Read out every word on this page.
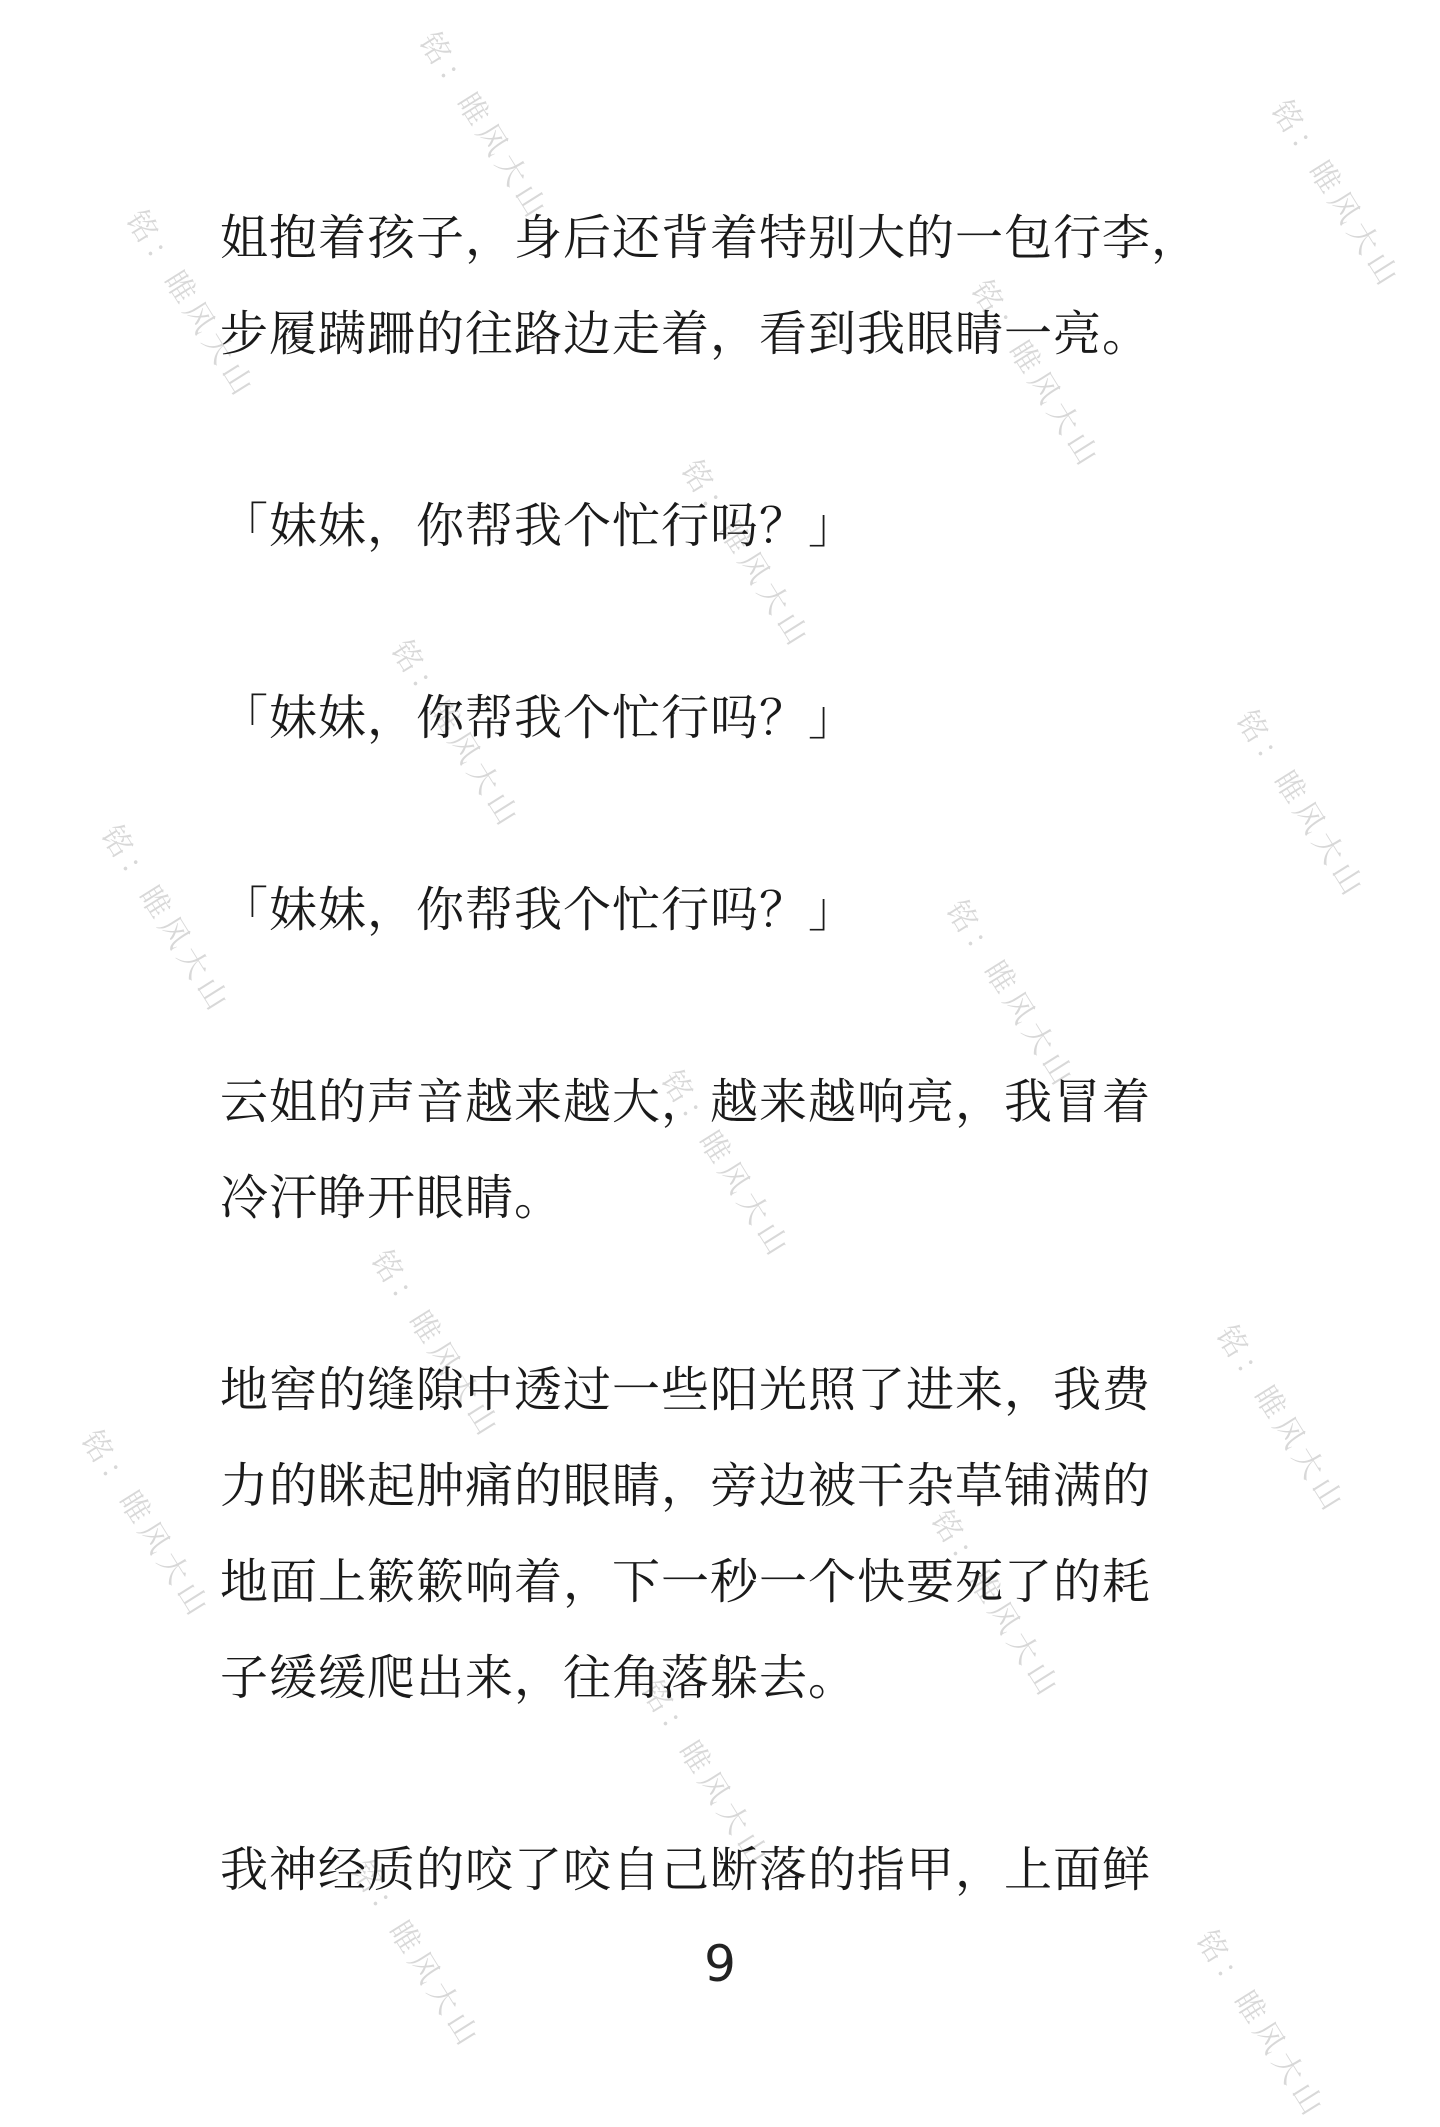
铭：睢风大山	铭：睢风大山
铭：睢风大山	铭：睢风大山
铭：睢风大山
铭：睢风大山	铭：睢风大山
铭：睢风大山	铭：睢风大山
铭：睢风大山
铭：睢风大山	铭：睢风大山
铭：睢风大山	铭：睢风大山
铭：睢风大山
铭：睢风大山	铭：睢风大山

姐抱着孩子，身后还背着特别大的一包行李，
步履蹒跚的往路边走着，看到我眼睛一亮。

「妹妹，你帮我个忙行吗？」

「妹妹，你帮我个忙行吗？」

「妹妹，你帮我个忙行吗？」

云姐的声音越来越大，越来越响亮，我冒着
冷汗睁开眼睛。

地窖的缝隙中透过一些阳光照了进来，我费
力的眯起肿痛的眼睛，旁边被干杂草铺满的
地面上簌簌响着，下一秒一个快要死了的耗
子缓缓爬出来，往角落躲去。

我神经质的咬了咬自己断落的指甲，上面鲜

9
